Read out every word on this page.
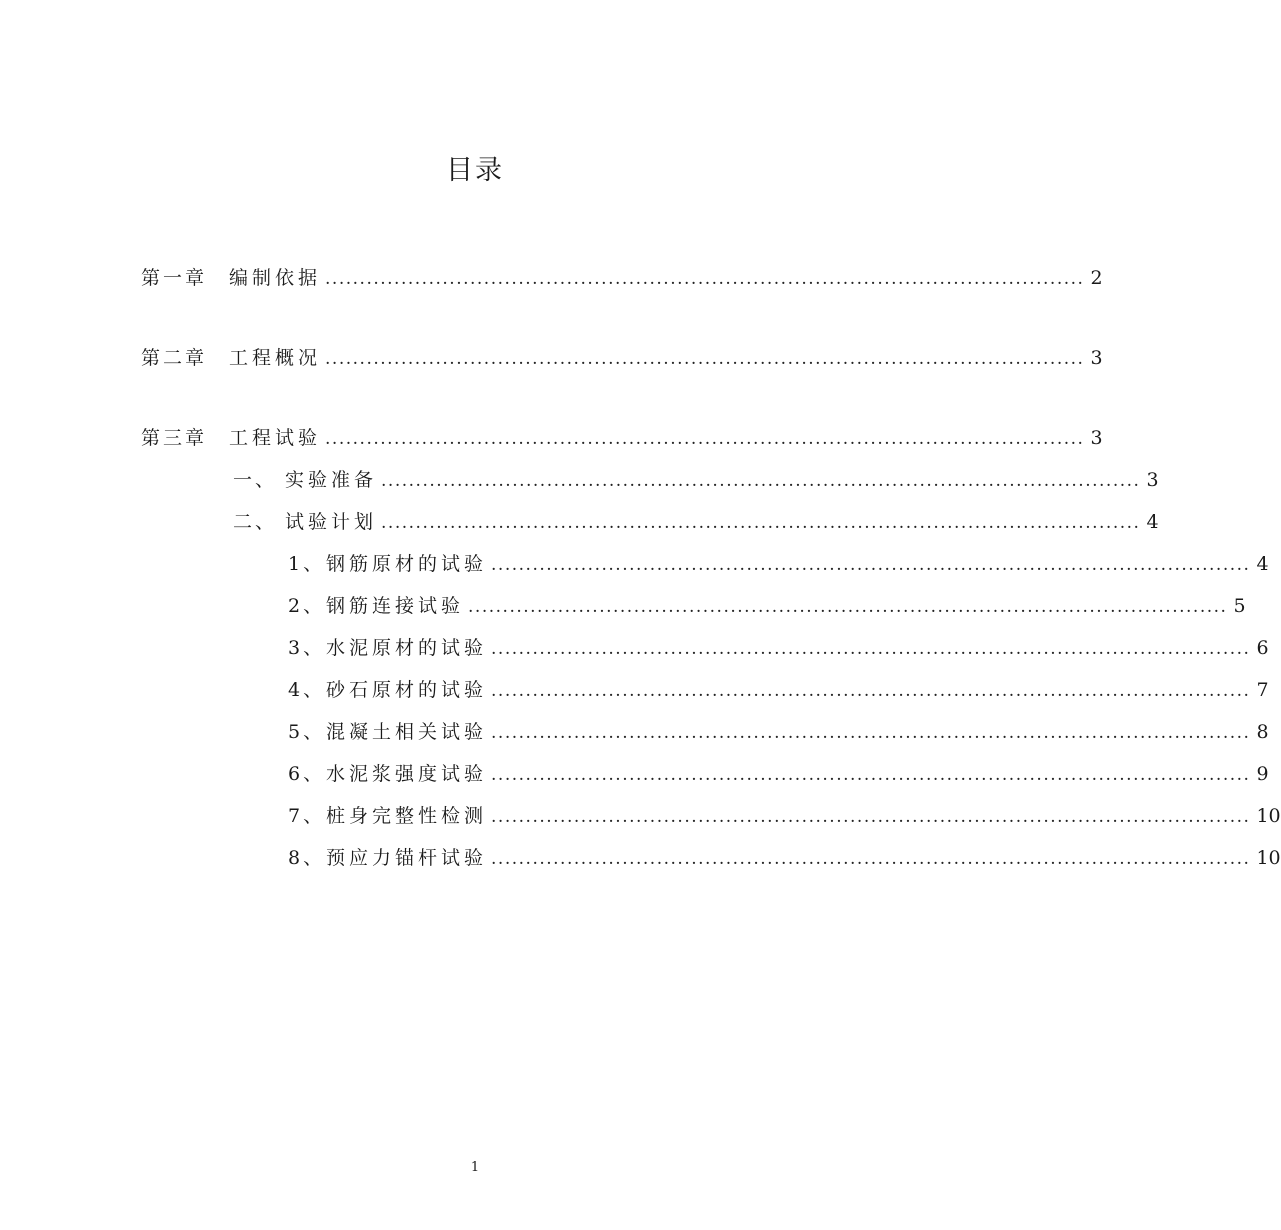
目录
第一章	编制依据 .............................................................................................................. 2
第二章	工程概况 .............................................................................................................. 3
第三章	工程试验 .............................................................................................................. 3
一、 实验准备 .............................................................................................................. 3
二、 试验计划 .............................................................................................................. 4
1、 钢筋原材的试验 .............................................................................................................. 4
2、 钢筋连接试验 .............................................................................................................. 5
3、 水泥原材的试验 .............................................................................................................. 6
4、 砂石原材的试验 .............................................................................................................. 7
5、 混凝土相关试验 .............................................................................................................. 8
6、 水泥浆强度试验 .............................................................................................................. 9
7、 桩身完整性检测 .............................................................................................................. 10
8、 预应力锚杆试验 .............................................................................................................. 10
1
